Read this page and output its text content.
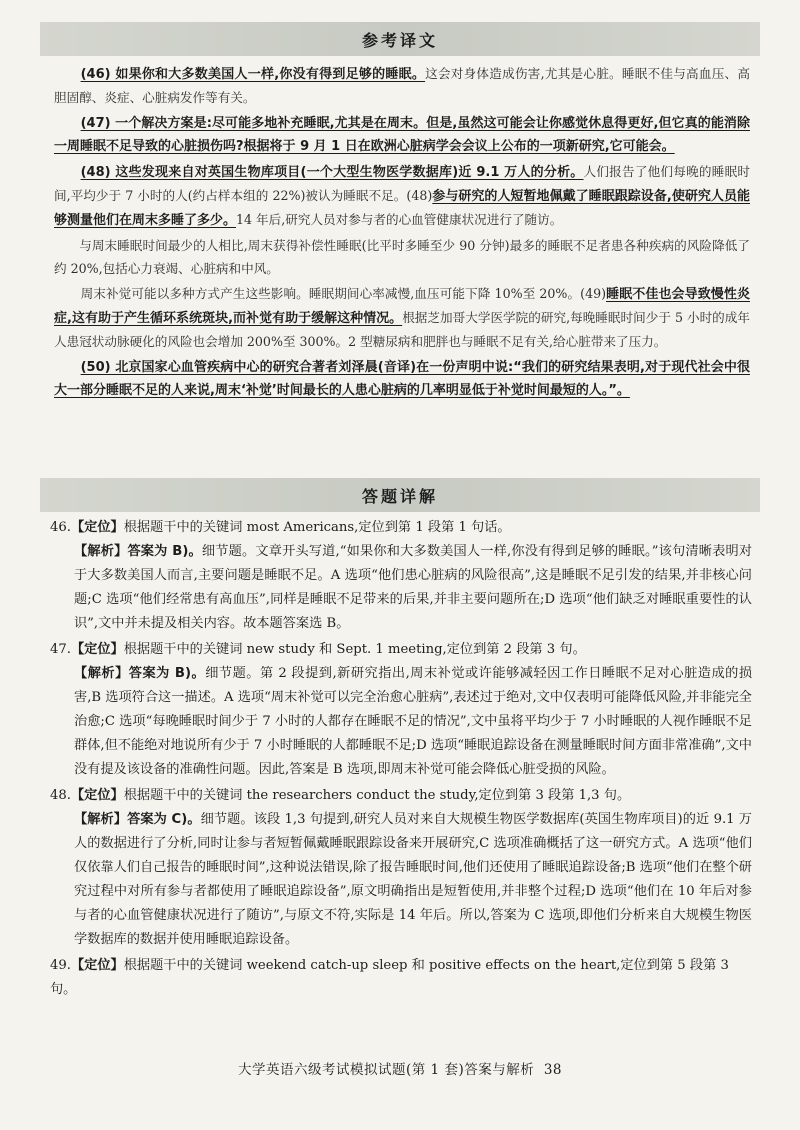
参考译文

(46) 如果你和大多数美国人一样,你没有得到足够的睡眠。这会对身体造成伤害,尤其是心脏。睡眠不佳与高血压、高胆固醇、炎症、心脏病发作等有关。

(47) 一个解决方案是:尽可能多地补充睡眠,尤其是在周末。但是,虽然这可能会让你感觉休息得更好,但它真的能消除一周睡眠不足导致的心脏损伤吗?根据将于 9 月 1 日在欧洲心脏病学会会议上公布的一项新研究,它可能会。

(48) 这些发现来自对英国生物库项目(一个大型生物医学数据库)近 9.1 万人的分析。人们报告了他们每晚的睡眠时间,平均少于 7 小时的人(约占样本组的 22%)被认为睡眠不足。(48)参与研究的人短暂地佩戴了睡眠跟踪设备,使研究人员能够测量他们在周末多睡了多少。14 年后,研究人员对参与者的心血管健康状况进行了随访。

与周末睡眠时间最少的人相比,周末获得补偿性睡眠(比平时多睡至少 90 分钟)最多的睡眠不足者患各种疾病的风险降低了约 20%,包括心力衰竭、心脏病和中风。

周末补觉可能以多种方式产生这些影响。睡眠期间心率减慢,血压可能下降 10%至 20%。(49)睡眠不佳也会导致慢性炎症,这有助于产生循环系统斑块,而补觉有助于缓解这种情况。根据芝加哥大学医学院的研究,每晚睡眠时间少于 5 小时的成年人患冠状动脉硬化的风险也会增加 200%至 300%。2 型糖尿病和肥胖也与睡眠不足有关,给心脏带来了压力。

(50) 北京国家心血管疾病中心的研究合著者刘泽晨(音译)在一份声明中说:“我们的研究结果表明,对于现代社会中很大一部分睡眠不足的人来说,周末‘补觉’时间最长的人患心脏病的几率明显低于补觉时间最短的人。”。

答题详解

46.【定位】根据题干中的关键词 most Americans,定位到第 1 段第 1 句话。

【解析】答案为 B)。细节题。文章开头写道,“如果你和大多数美国人一样,你没有得到足够的睡眠。”该句清晰表明对于大多数美国人而言,主要问题是睡眠不足。A 选项“他们患心脏病的风险很高”,这是睡眠不足引发的结果,并非核心问题;C 选项“他们经常患有高血压”,同样是睡眠不足带来的后果,并非主要问题所在;D 选项“他们缺乏对睡眠重要性的认识”,文中并未提及相关内容。故本题答案选 B。

47.【定位】根据题干中的关键词 new study 和 Sept. 1 meeting,定位到第 2 段第 3 句。

【解析】答案为 B)。细节题。第 2 段提到,新研究指出,周末补觉或许能够减轻因工作日睡眠不足对心脏造成的损害,B 选项符合这一描述。A 选项“周末补觉可以完全治愈心脏病”,表述过于绝对,文中仅表明可能降低风险,并非能完全治愈;C 选项“每晚睡眠时间少于 7 小时的人都存在睡眠不足的情况”,文中虽将平均少于 7 小时睡眠的人视作睡眠不足群体,但不能绝对地说所有少于 7 小时睡眠的人都睡眠不足;D 选项“睡眠追踪设备在测量睡眠时间方面非常准确”,文中没有提及该设备的准确性问题。因此,答案是 B 选项,即周末补觉可能会降低心脏受损的风险。

48.【定位】根据题干中的关键词 the researchers conduct the study,定位到第 3 段第 1,3 句。

【解析】答案为 C)。细节题。该段 1,3 句提到,研究人员对来自大规模生物医学数据库(英国生物库项目)的近 9.1 万人的数据进行了分析,同时让参与者短暂佩戴睡眠跟踪设备来开展研究,C 选项准确概括了这一研究方式。A 选项“他们仅依靠人们自己报告的睡眠时间”,这种说法错误,除了报告睡眠时间,他们还使用了睡眠追踪设备;B 选项“他们在整个研究过程中对所有参与者都使用了睡眠追踪设备”,原文明确指出是短暂使用,并非整个过程;D 选项“他们在 10 年后对参与者的心血管健康状况进行了随访”,与原文不符,实际是 14 年后。所以,答案为 C 选项,即他们分析来自大规模生物医学数据库的数据并使用睡眠追踪设备。

49.【定位】根据题干中的关键词 weekend catch-up sleep 和 positive effects on the heart,定位到第 5 段第 3 句。

大学英语六级考试模拟试题(第 1 套)答案与解析 38
